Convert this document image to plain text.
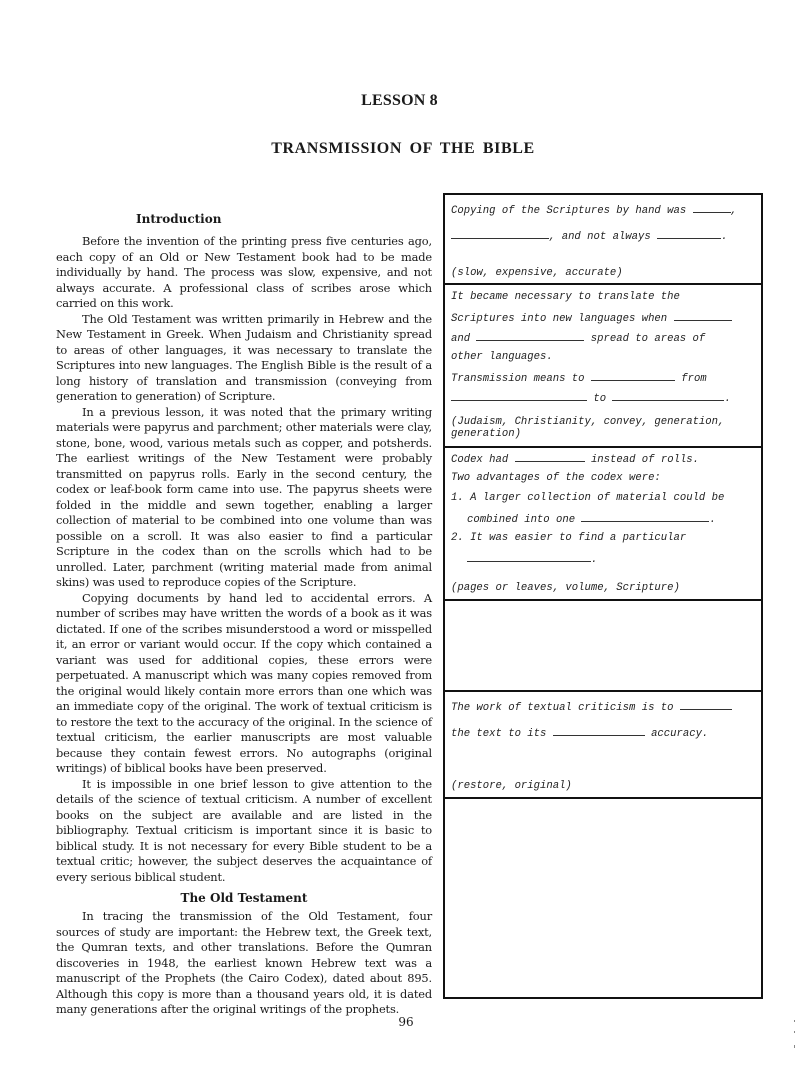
LESSON 8
TRANSMISSION OF THE BIBLE
Introduction

Before the invention of the printing press five centuries ago, each copy of an Old or New Testament book had to be made individually by hand. The process was slow, expensive, and not always accurate. A professional class of scribes arose which carried on this work.

The Old Testament was written primarily in Hebrew and the New Testament in Greek. When Judaism and Christianity spread to areas of other languages, it was necessary to translate the Scriptures into new languages. The English Bible is the result of a long history of translation and transmission (conveying from generation to generation) of Scripture.

In a previous lesson, it was noted that the primary writing materials were papyrus and parchment; other materials were clay, stone, bone, wood, various metals such as copper, and potsherds. The earliest writings of the New Testament were probably transmitted on papyrus rolls. Early in the second century, the codex or leaf-book form came into use. The papyrus sheets were folded in the middle and sewn together, enabling a larger collection of material to be combined into one volume than was possible on a scroll. It was also easier to find a particular Scripture in the codex than on the scrolls which had to be unrolled. Later, parchment (writing material made from animal skins) was used to reproduce copies of the Scripture.

Copying documents by hand led to accidental errors. A number of scribes may have written the words of a book as it was dictated. If one of the scribes misunderstood a word or misspelled it, an error or variant would occur. If the copy which contained a variant was used for additional copies, these errors were perpetuated. A manuscript which was many copies removed from the original would likely contain more errors than one which was an immediate copy of the original. The work of textual criticism is to restore the text to the accuracy of the original. In the science of textual criticism, the earlier manuscripts are most valuable because they contain fewest errors. No autographs (original writings) of biblical books have been preserved.

It is impossible in one brief lesson to give attention to the details of the science of textual criticism. A number of excellent books on the subject are available and are listed in the bibliography. Textual criticism is important since it is basic to biblical study. It is not necessary for every Bible student to be a textual critic; however, the subject deserves the acquaintance of every serious biblical student.

The Old Testament

In tracing the transmission of the Old Testament, four sources of study are important: the Hebrew text, the Greek text, the Qumran texts, and other translations. Before the Qumran discoveries in 1948, the earliest known Hebrew text was a manuscript of the Prophets (the Cairo Codex), dated about 895. Although this copy is more than a thousand years old, it is dated many generations after the original writings of the prophets.

Copying of the Scriptures by hand was	,
, and not always	.
(slow, expensive, accurate)
It became necessary to translate the
Scriptures into new languages when
and	spread to areas of
other languages.
Transmission means to	from
to	.
(Judaism, Christianity, convey, generation,
generation)
Codex had	instead of rolls.
Two advantages of the codex were:
1. A larger collection of material could be
combined into one	.
2. It was easier to find a particular
.
(pages or leaves, volume, Scripture)
The work of textual criticism is to
the text to its	accuracy.
(restore, original)
96
